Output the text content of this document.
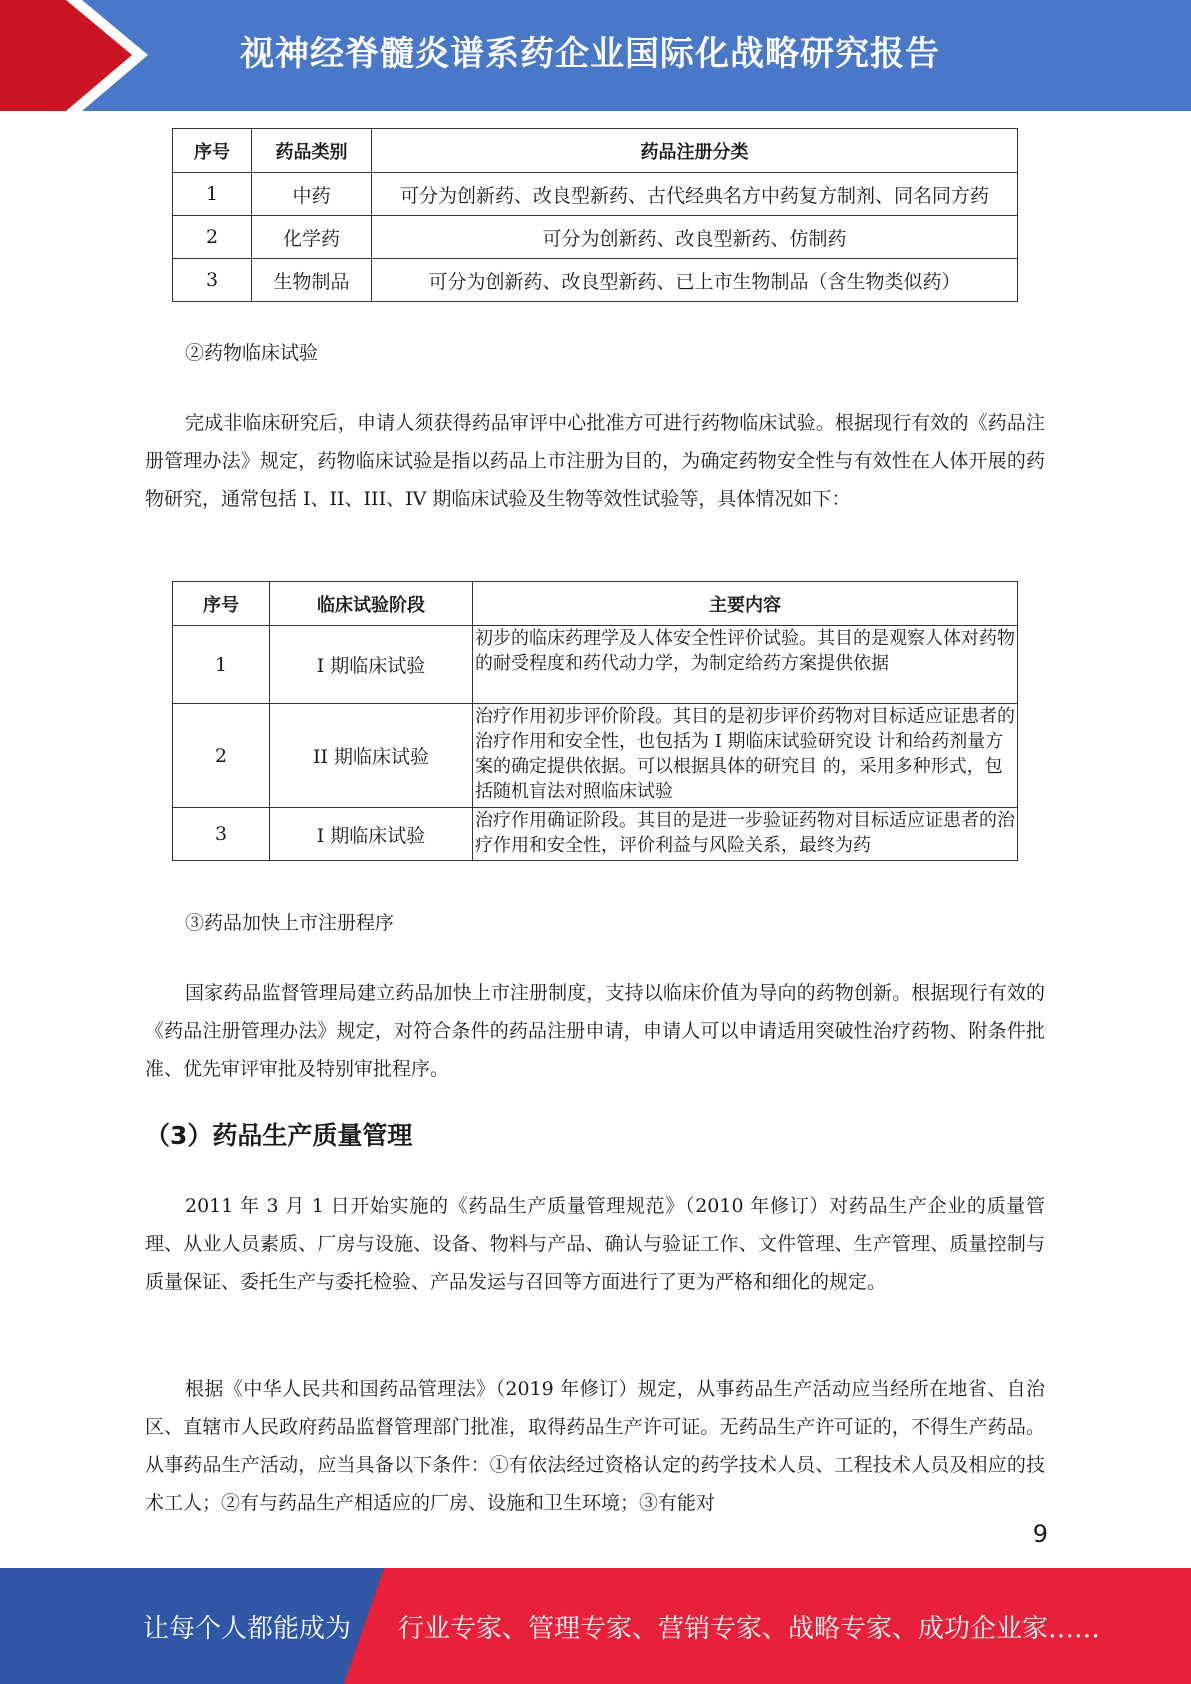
视神经脊髓炎谱系药企业国际化战略研究报告
序号	药品类别	药品注册分类
1	中药	可分为创新药、改良型新药、古代经典名方中药复方制剂、同名同方药
2	化学药	可分为创新药、改良型新药、仿制药
3	生物制品	可分为创新药、改良型新药、已上市生物制品（含生物类似药）
②药物临床试验
完成非临床研究后，申请人须获得药品审评中心批准方可进行药物临床试验。根据现行有效的《药品注册管理办法》规定，药物临床试验是指以药品上市注册为目的，为确定药物安全性与有效性在人体开展的药物研究，通常包括 I、II、III、IV 期临床试验及生物等效性试验等，具体情况如下：
序号	临床试验阶段	主要内容
1	I 期临床试验	初步的临床药理学及人体安全性评价试验。其目的是观察人体对药物的耐受程度和药代动力学，为制定给药方案提供依据
2	II 期临床试验	治疗作用初步评价阶段。其目的是初步评价药物对目标适应证患者的治疗作用和安全性，也包括为 I 期临床试验研究设 计和给药剂量方案的确定提供依据。可以根据具体的研究目 的，采用多种形式，包括随机盲法对照临床试验
3	I 期临床试验	治疗作用确证阶段。其目的是进一步验证药物对目标适应证患者的治疗作用和安全性，评价利益与风险关系，最终为药
③药品加快上市注册程序
国家药品监督管理局建立药品加快上市注册制度，支持以临床价值为导向的药物创新。根据现行有效的《药品注册管理办法》规定，对符合条件的药品注册申请，申请人可以申请适用突破性治疗药物、附条件批准、优先审评审批及特别审批程序。
（3）药品生产质量管理
2011 年 3 月 1 日开始实施的《药品生产质量管理规范》（2010 年修订）对药品生产企业的质量管理、从业人员素质、厂房与设施、设备、物料与产品、确认与验证工作、文件管理、生产管理、质量控制与质量保证、委托生产与委托检验、产品发运与召回等方面进行了更为严格和细化的规定。
根据《中华人民共和国药品管理法》（2019 年修订）规定，从事药品生产活动应当经所在地省、自治区、直辖市人民政府药品监督管理部门批准，取得药品生产许可证。无药品生产许可证的，不得生产药品。从事药品生产活动，应当具备以下条件：①有依法经过资格认定的药学技术人员、工程技术人员及相应的技术工人；②有与药品生产相适应的厂房、设施和卫生环境；③有能对
9
让每个人都能成为 行业专家、管理专家、营销专家、战略专家、成功企业家……
